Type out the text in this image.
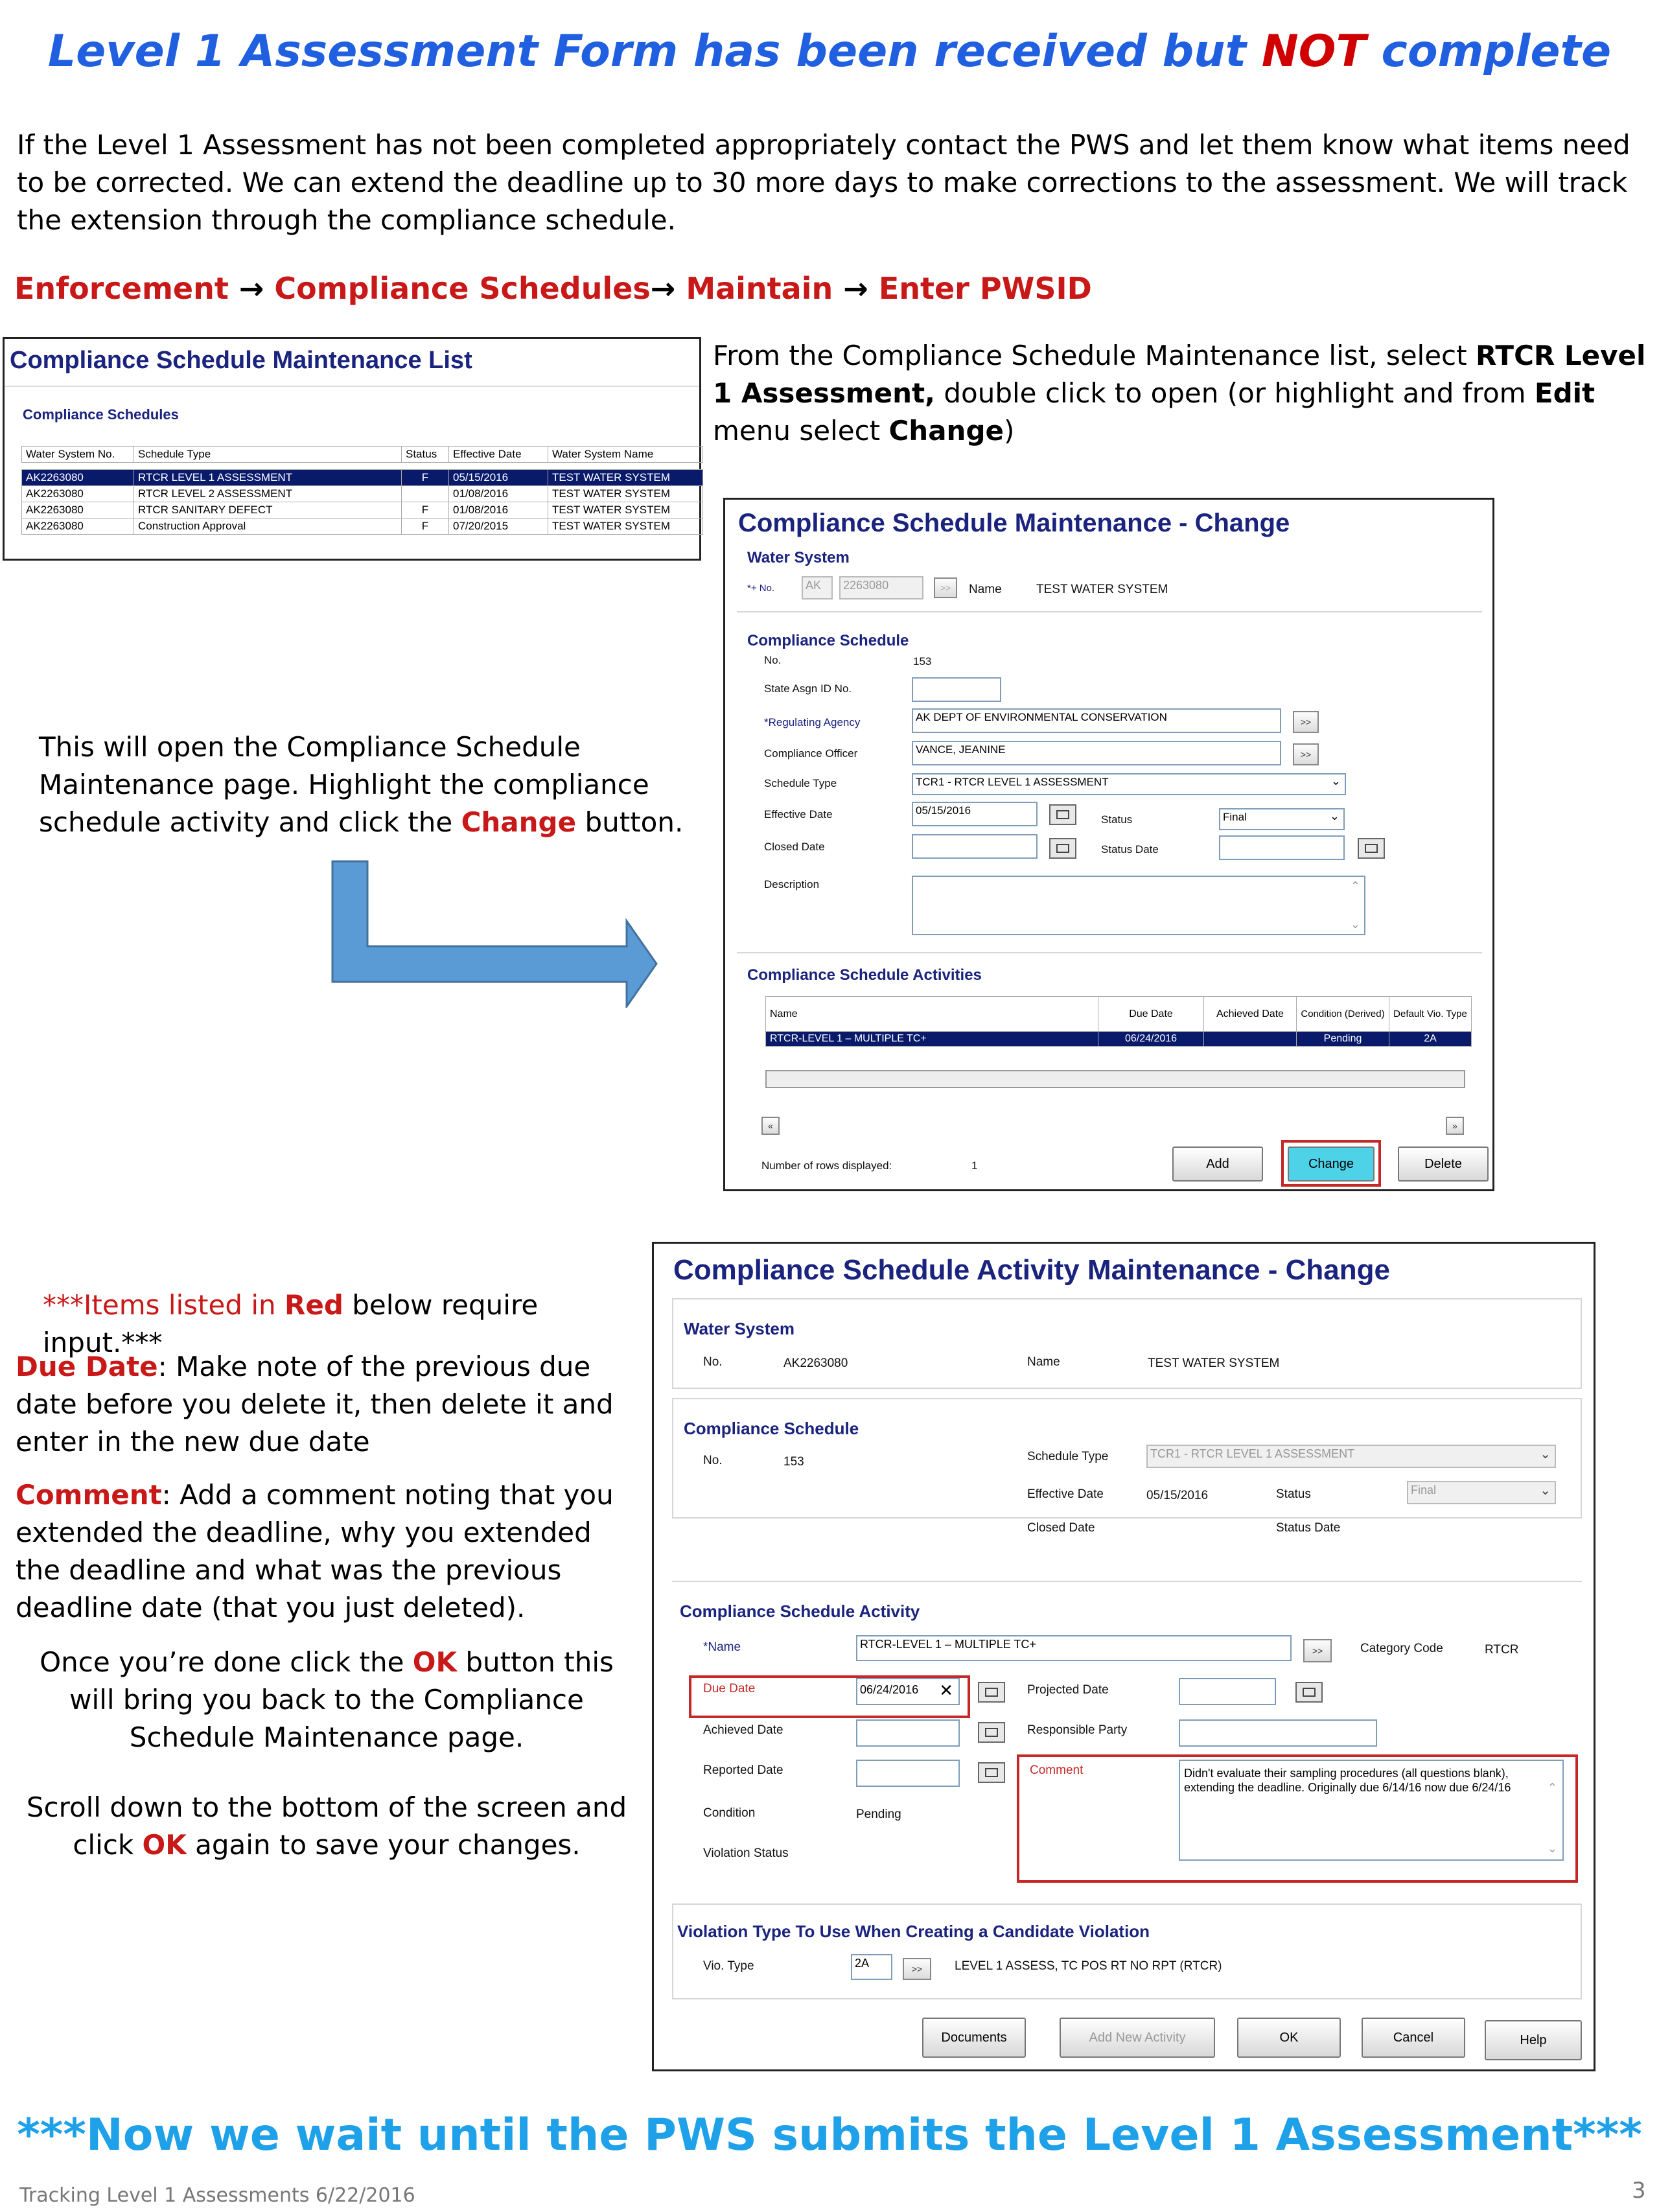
Level 1 Assessment Form has been received but NOT complete
If the Level 1 Assessment has not been completed appropriately contact the PWS and let them know what items need to be corrected. We can extend the deadline up to 30 more days to make corrections to the assessment. We will track the extension through the compliance schedule.
Enforcement → Compliance Schedules→ Maintain → Enter PWSID
Compliance Schedule Maintenance List
Compliance Schedules
Water System No.	Schedule Type	Status	Effective Date	Water System Name

AK2263080	RTCR LEVEL 1 ASSESSMENT	F	05/15/2016	TEST WATER SYSTEM
AK2263080	RTCR LEVEL 2 ASSESSMENT		01/08/2016	TEST WATER SYSTEM
AK2263080	RTCR SANITARY DEFECT	F	01/08/2016	TEST WATER SYSTEM
AK2263080	Construction Approval	F	07/20/2015	TEST WATER SYSTEM
From the Compliance Schedule Maintenance list, select RTCR Level 1 Assessment, double click to open (or highlight and from Edit menu select Change)
This will open the Compliance Schedule Maintenance page. Highlight the compliance schedule activity and click the Change button.
Compliance Schedule Maintenance - Change
Water System
*+ No.	AK	2263080	>>	Name	TEST WATER SYSTEM
Compliance Schedule
No.	153
State Asgn ID No.
*Regulating Agency	AK DEPT OF ENVIRONMENTAL CONSERVATION	>>
Compliance Officer	VANCE, JEANINE	>>
Schedule Type	TCR1 - RTCR LEVEL 1 ASSESSMENT	⌄
Effective Date	05/15/2016
Status	Final	⌄
Closed Date	Status Date
Description	⌃
⌄
Compliance Schedule Activities
Name	Due Date	Achieved Date	Condition (Derived)	Default Vio. Type
RTCR-LEVEL 1 – MULTIPLE TC+	06/24/2016		Pending	2A
«	»
Number of rows displayed:	1	Add	Change	Delete
***Items listed in Red below require input.***
Due Date: Make note of the previous due date before you delete it, then delete it and enter in the new due date
Comment: Add a comment noting that you extended the deadline, why you extended the deadline and what was the previous deadline date (that you just deleted).
Once you’re done click the OK button this will bring you back to the Compliance Schedule Maintenance page.
Scroll down to the bottom of the screen and click OK again to save your changes.
Compliance Schedule Activity Maintenance - Change
Water System
No.	AK2263080	Name	TEST WATER SYSTEM
Compliance Schedule
No.	153	Schedule Type	TCR1 - RTCR LEVEL 1 ASSESSMENT	⌄
Effective Date	05/15/2016	Status	Final	⌄
Closed Date	Status Date
Compliance Schedule Activity
*Name	RTCR-LEVEL 1 – MULTIPLE TC+	>>	Category Code	RTCR
Due Date	06/24/2016 ✕	Projected Date
Achieved Date	Responsible Party
Reported Date	Comment	Didn't evaluate their sampling procedures (all questions blank), extending the deadline. Originally due 6/14/16 now due 6/24/16	⌃
⌄
Condition	Pending
Violation Status
Violation Type To Use When Creating a Candidate Violation
Vio. Type	2A	>>	LEVEL 1 ASSESS, TC POS RT NO RPT (RTCR)
Documents	Add New Activity	OK	Cancel	Help
***Now we wait until the PWS submits the Level 1 Assessment***
Tracking Level 1 Assessments 6/22/2016	3
